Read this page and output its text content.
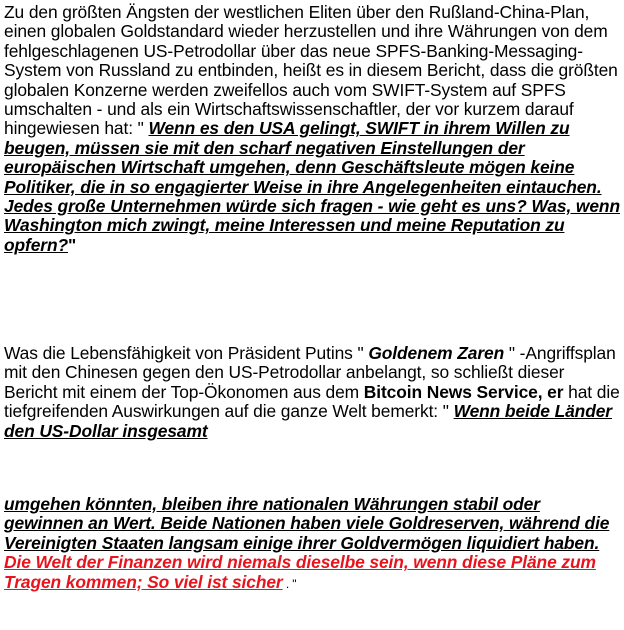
Zu den größten Ängsten der westlichen Eliten über den Rußland-China-Plan, einen globalen Goldstandard wieder herzustellen und ihre Währungen von dem fehlgeschlagenen US-Petrodollar über das neue SPFS-Banking-Messaging-System von Russland zu entbinden, heißt es in diesem Bericht, dass die größten globalen Konzerne werden zweifellos auch vom SWIFT-System auf SPFS umschalten - und als ein Wirtschaftswissenschaftler, der vor kurzem darauf hingewiesen hat: " Wenn es den USA gelingt, SWIFT in ihrem Willen zu beugen, müssen sie mit den scharf negativen Einstellungen der europäischen Wirtschaft umgehen, denn Geschäftsleute mögen keine Politiker, die in so engagierter Weise in ihre Angelegenheiten eintauchen. Jedes große Unternehmen würde sich fragen - wie geht es uns? Was, wenn Washington mich zwingt, meine Interessen und meine Reputation zu opfern?"
Was die Lebensfähigkeit von Präsident Putins " Goldenem Zaren " -Angriffsplan mit den Chinesen gegen den US-Petrodollar anbelangt, so schließt dieser Bericht mit einem der Top-Ökonomen aus dem Bitcoin News Service, er hat die tiefgreifenden Auswirkungen auf die ganze Welt bemerkt: " Wenn beide Länder den US-Dollar insgesamt
umgehen könnten, bleiben ihre nationalen Währungen stabil oder gewinnen an Wert. Beide Nationen haben viele Goldreserven, während die Vereinigten Staaten langsam einige ihrer Goldvermögen liquidiert haben. Die Welt der Finanzen wird niemals dieselbe sein, wenn diese Pläne zum Tragen kommen; So viel ist sicher . "
